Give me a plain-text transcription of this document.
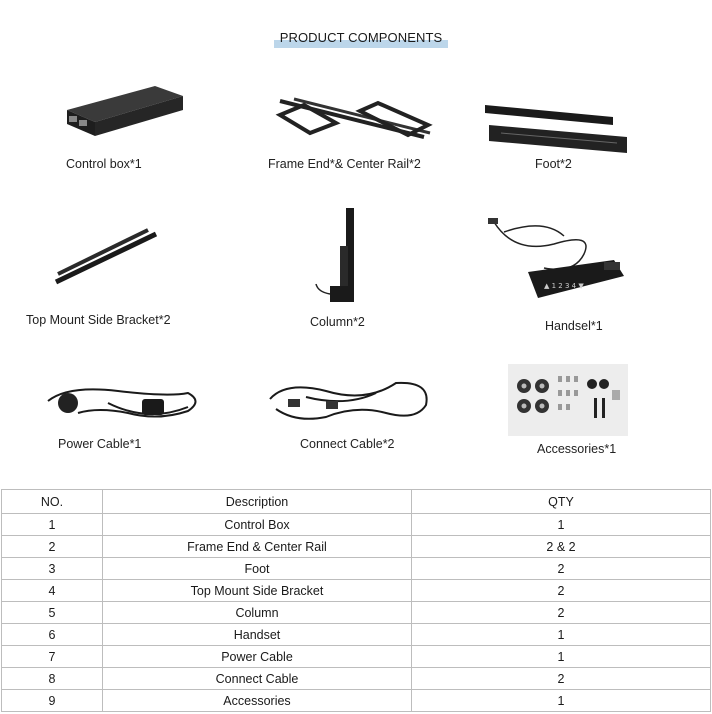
PRODUCT COMPONENTS
Control box*1	Frame End*& Center Rail*2	Foot*2
Top Mount Side Bracket*2	Column*2
▲ 1 2 3 4 ▼
Handsel*1
Power Cable*1	Connect Cable*2	Accessories*1
NO.	Description	QTY
1	Control Box	1
2	Frame End & Center Rail	2 & 2
3	Foot	2
4	Top Mount Side Bracket	2
5	Column	2
6	Handset	1
7	Power Cable	1
8	Connect Cable	2
9	Accessories	1
